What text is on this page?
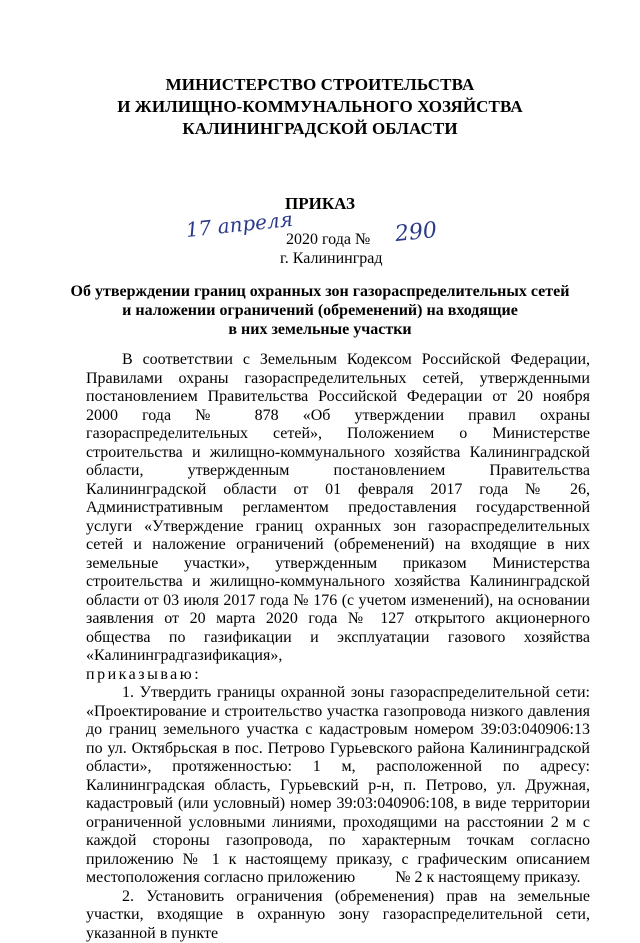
МИНИСТЕРСТВО СТРОИТЕЛЬСТВА
И ЖИЛИЩНО-КОММУНАЛЬНОГО ХОЗЯЙСТВА
КАЛИНИНГРАДСКОЙ ОБЛАСТИ
ПРИКАЗ
17 апреля
2020 года № 290
г. Калининград
Об утверждении границ охранных зон газораспределительных сетей
и наложении ограничений (обременений) на входящие
в них земельные участки

В соответствии с Земельным Кодексом Российской Федерации, Правилами охраны газораспределительных сетей, утвержденными постановлением Правительства Российской Федерации от 20 ноября 2000 года № 878 «Об утверждении правил охраны газораспределительных сетей», Положением о Министерстве строительства и жилищно-коммунального хозяйства Калининградской области, утвержденным постановлением Правительства Калининградской области от 01 февраля 2017 года № 26, Административным регламентом предоставления государственной услуги «Утверждение границ охранных зон газораспределительных сетей и наложение ограничений (обременений) на входящие в них земельные участки», утвержденным приказом Министерства строительства и жилищно-коммунального хозяйства Калининградской области от 03 июля 2017 года № 176 (с учетом изменений), на основании заявления от 20 марта 2020 года № 127 открытого акционерного общества по газификации и эксплуатации газового хозяйства «Калининградгазификация»,
приказываю:

1. Утвердить границы охранной зоны газораспределительной сети: «Проектирование и строительство участка газопровода низкого давления до границ земельного участка с кадастровым номером 39:03:040906:13 по ул. Октябрьская в пос. Петрово Гурьевского района Калининградской области», протяженностью: 1 м, расположенной по адресу: Калининградская область, Гурьевский р-н, п. Петрово, ул. Дружная, кадастровый (или условный) номер 39:03:040906:108, в виде территории ограниченной условными линиями, проходящими на расстоянии 2 м с каждой стороны газопровода, по характерным точкам согласно приложению № 1 к настоящему приказу, с графическим описанием местоположения согласно приложению	№ 2 к настоящему приказу.

2. Установить ограничения (обременения) прав на земельные участки, входящие в охранную зону газораспределительной сети, указанной в пункте
